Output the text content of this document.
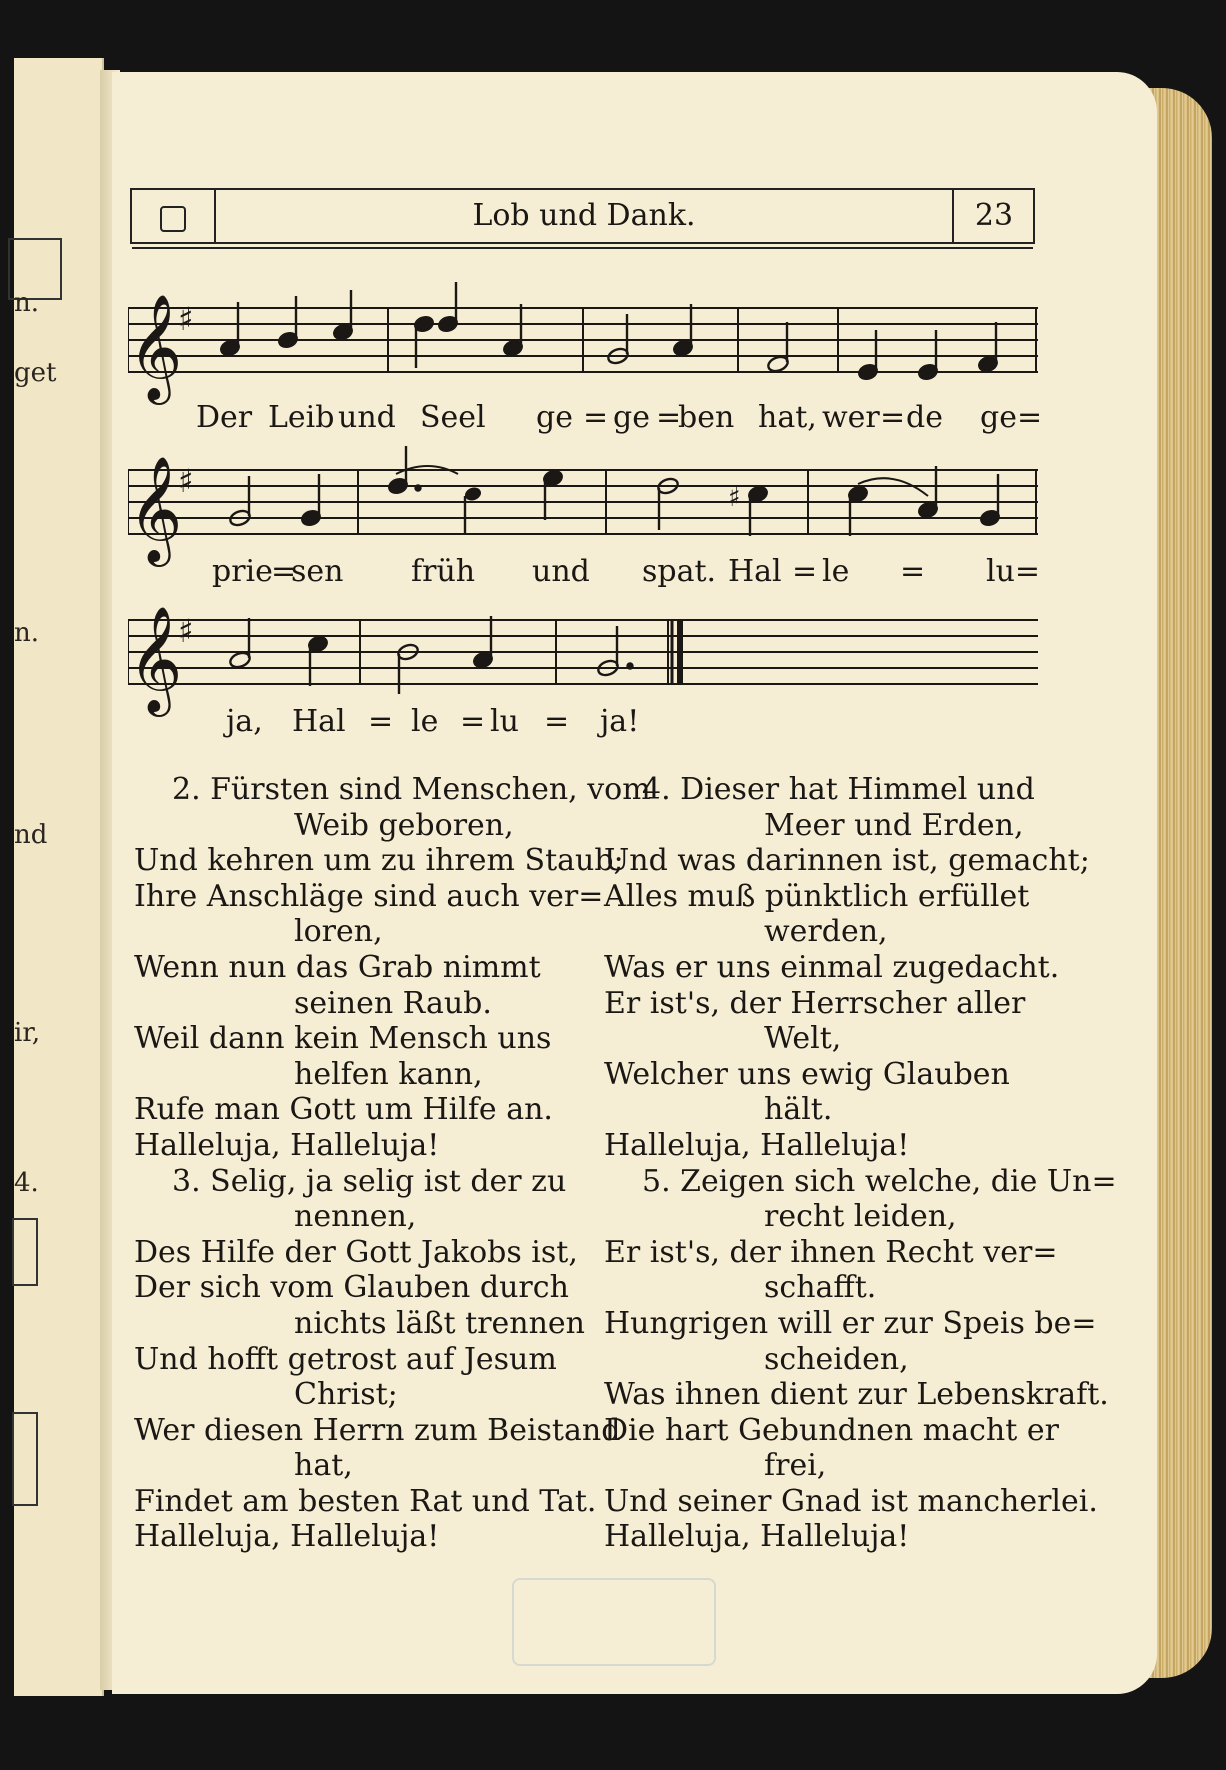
n.
get
n.
nd
ir,
4.
Lob und Dank.	23
𝄞
♯
Der Leib und Seel ge = ge =
ben hat, wer = de ge=
𝄞
♯	♯
prie
=
sen früh und spat. Hal = le = lu=
𝄞
♯
ja, Hal = le = lu = ja!
2. Fürsten sind Menschen, vom
Weib geboren,
Und kehren um zu ihrem Staub;
Ihre Anschläge sind auch ver=
loren,
Wenn nun das Grab nimmt
seinen Raub.
Weil dann kein Mensch uns
helfen kann,
Rufe man Gott um Hilfe an.
Halleluja, Halleluja!
3. Selig, ja selig ist der zu
nennen,
Des Hilfe der Gott Jakobs ist,
Der sich vom Glauben durch
nichts läßt trennen
Und hofft getrost auf Jesum
Christ;
Wer diesen Herrn zum Beistand
hat,
Findet am besten Rat und Tat.
Halleluja, Halleluja!
4. Dieser hat Himmel und
Meer und Erden,
Und was darinnen ist, gemacht;
Alles muß pünktlich erfüllet
werden,
Was er uns einmal zugedacht.
Er ist's, der Herrscher aller
Welt,
Welcher uns ewig Glauben
hält.
Halleluja, Halleluja!
5. Zeigen sich welche, die Un=
recht leiden,
Er ist's, der ihnen Recht ver=
schafft.
Hungrigen will er zur Speis be=
scheiden,
Was ihnen dient zur Lebenskraft.
Die hart Gebundnen macht er
frei,
Und seiner Gnad ist mancherlei.
Halleluja, Halleluja!
